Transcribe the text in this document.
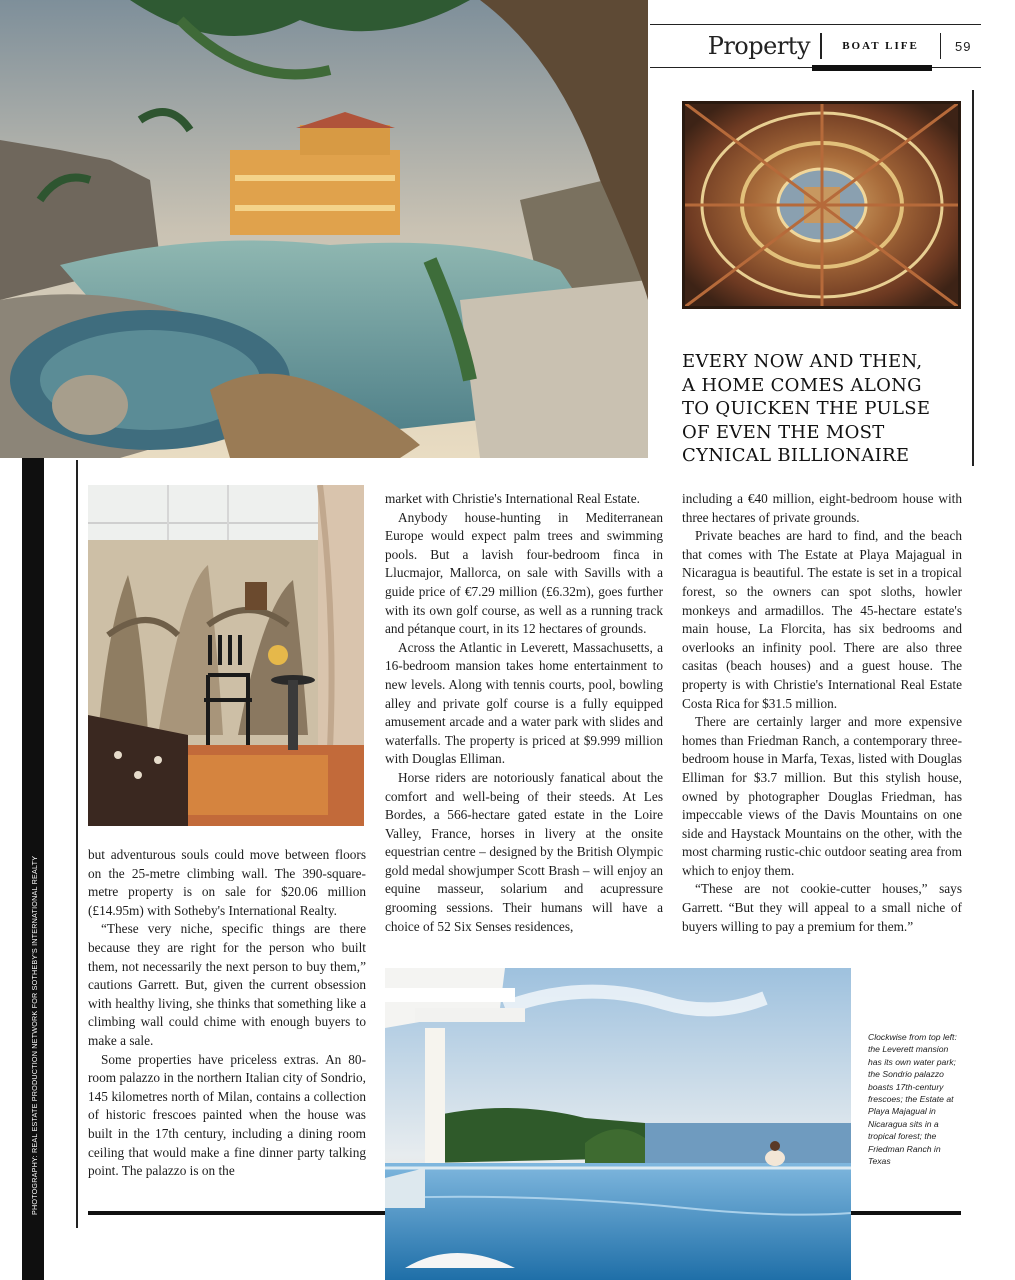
Property	BOAT LIFE	59
EVERY NOW AND THEN,
A HOME COMES ALONG
TO QUICKEN THE PULSE
OF EVEN THE MOST
CYNICAL BILLIONAIRE
PHOTOGRAPHY: REAL ESTATE PRODUCTION NETWORK FOR SOTHEBY'S INTERNATIONAL REALTY

but adventurous souls could move between floors on the 25-metre climbing wall. The 390-square-metre property is on sale for $20.06 million (£14.95m) with Sotheby's International Realty.

“These very niche, specific things are there because they are right for the person who built them, not necessarily the next person to buy them,” cautions Garrett. But, given the current obsession with healthy living, she thinks that something like a climbing wall could chime with enough buyers to make a sale.

Some properties have priceless extras. An 80-room palazzo in the northern Italian city of Sondrio, 145 kilometres north of Milan, contains a collection of historic frescoes painted when the house was built in the 17th century, including a dining room ceiling that would make a fine dinner party talking point. The palazzo is on the

market with Christie's International Real Estate.

Anybody house-hunting in Mediterranean Europe would expect palm trees and swimming pools. But a lavish four-bedroom finca in Llucmajor, Mallorca, on sale with Savills with a guide price of €7.29 million (£6.32m), goes further with its own golf course, as well as a running track and pétanque court, in its 12 hectares of grounds.

Across the Atlantic in Leverett, Massachusetts, a 16-bedroom mansion takes home entertainment to new levels. Along with tennis courts, pool, bowling alley and private golf course is a fully equipped amusement arcade and a water park with slides and waterfalls. The property is priced at $9.999 million with Douglas Elliman.

Horse riders are notoriously fanatical about the comfort and well-being of their steeds. At Les Bordes, a 566-hectare gated estate in the Loire Valley, France, horses in livery at the onsite equestrian centre – designed by the British Olympic gold medal showjumper Scott Brash – will enjoy an equine masseur, solarium and acupressure grooming sessions. Their humans will have a choice of 52 Six Senses residences,

including a €40 million, eight-bedroom house with three hectares of private grounds.

Private beaches are hard to find, and the beach that comes with The Estate at Playa Majagual in Nicaragua is beautiful. The estate is set in a tropical forest, so the owners can spot sloths, howler monkeys and armadillos. The 45-hectare estate's main house, La Florcita, has six bedrooms and overlooks an infinity pool. There are also three casitas (beach houses) and a guest house. The property is with Christie's International Real Estate Costa Rica for $31.5 million.

There are certainly larger and more expensive homes than Friedman Ranch, a contemporary three-bedroom house in Marfa, Texas, listed with Douglas Elliman for $3.7 million. But this stylish house, owned by photographer Douglas Friedman, has impeccable views of the Davis Mountains on one side and Haystack Mountains on the other, with the most charming rustic-chic outdoor seating area from which to enjoy them.

“These are not cookie-cutter houses,” says Garrett. “But they will appeal to a small niche of buyers willing to pay a premium for them.”

Clockwise from top left: the Leverett mansion has its own water park; the Sondrio palazzo boasts 17th-century frescoes; the Estate at Playa Majagual in Nicaragua sits in a tropical forest; the Friedman Ranch in Texas
